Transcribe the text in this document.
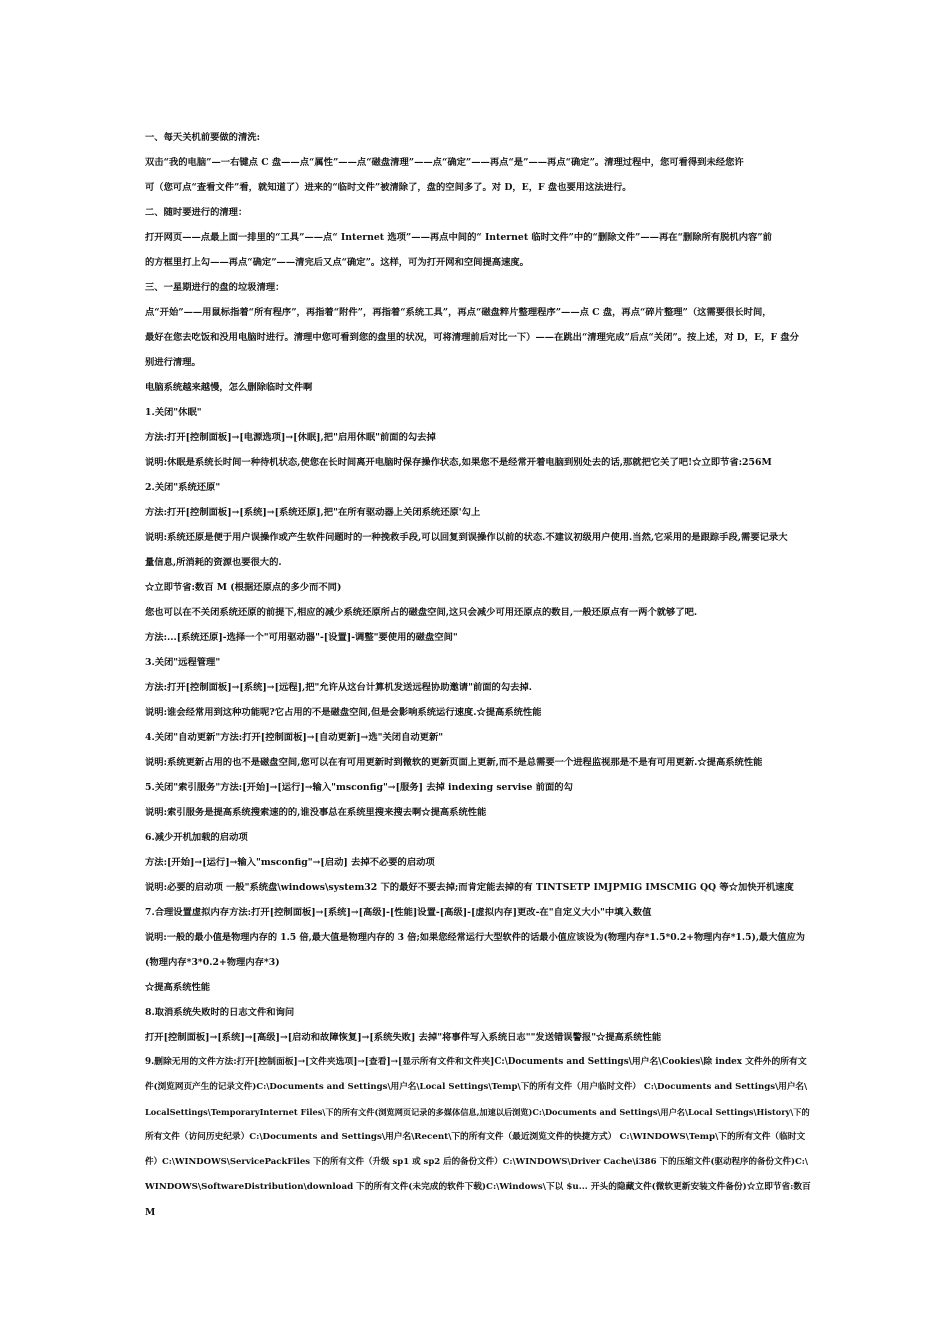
一、每天关机前要做的清洗:
双击“我的电脑”—一右键点 C 盘——点“属性”——点“磁盘清理”——点“确定”——再点“是”——再点“确定”。清理过程中，您可看得到未经您许
可（您可点“查看文件”看，就知道了）进来的“临时文件”被清除了，盘的空间多了。对 D，E，F 盘也要用这法进行。
二、随时要进行的清理：
打开网页——点最上面一排里的“工具”——点“ Internet 选项”——再点中间的“ Internet 临时文件”中的“删除文件”——再在“删除所有脱机内容”前
的方框里打上勾——再点“确定”——清完后又点“确定”。这样，可为打开网和空间提高速度。
三、一星期进行的盘的垃圾清理：
点“开始”——用鼠标指着“所有程序”，再指着“附件”，再指着“系统工具”，再点“磁盘粹片整理程序”——点 C 盘，再点“碎片整理”（这需要很长时间，
最好在您去吃饭和没用电脑时进行。清理中您可看到您的盘里的状况，可将清理前后对比一下）——在跳出“清理完成”后点“关闭”。按上述，对 D，E，F 盘分
别进行清理。
电脑系统越来越慢，怎么删除临时文件啊
1.关闭"休眠"
方法:打开[控制面板]→[电源选项]→[休眠],把"启用休眠"前面的勾去掉
说明:休眠是系统长时间一种待机状态,使您在长时间离开电脑时保存操作状态,如果您不是经常开着电脑到别处去的话,那就把它关了吧!☆立即节省:256M
2.关闭"系统还原"
方法:打开[控制面板]→[系统]→[系统还原],把"在所有驱动器上关闭系统还原'勾上
说明:系统还原是便于用户误操作或产生软件问题时的一种挽救手段,可以回复到误操作以前的状态.不建议初级用户使用.当然,它采用的是跟踪手段,需要记录大
量信息,所消耗的资源也要很大的.
☆立即节省:数百 M (根据还原点的多少而不同)
您也可以在不关闭系统还原的前提下,相应的减少系统还原所占的磁盘空间,这只会减少可用还原点的数目,一般还原点有一两个就够了吧.
方法:...[系统还原]-选择一个"可用驱动器"-[设置]-调整"要使用的磁盘空间"
3.关闭"远程管理"
方法:打开[控制面板]→[系统]→[远程],把"允许从这台计算机发送远程协助邀请"前面的勾去掉.
说明:谁会经常用到这种功能呢?它占用的不是磁盘空间,但是会影响系统运行速度.☆提高系统性能
4.关闭"自动更新"方法:打开[控制面板]→[自动更新]→选"关闭自动更新"
说明:系统更新占用的也不是磁盘空间,您可以在有可用更新时到微软的更新页面上更新,而不是总需要一个进程监视那是不是有可用更新.☆提高系统性能
5.关闭"索引服务"方法:[开始]→[运行]→输入"msconfig"→[服务] 去掉 indexing servise 前面的勾
说明:索引服务是提高系统搜索速的的,谁没事总在系统里搜来搜去啊☆提高系统性能
6.减少开机加载的启动项
方法:[开始]→[运行]→输入"msconfig"→[启动] 去掉不必要的启动项
说明:必要的启动项 一般"系统盘\windows\system32 下的最好不要去掉;而肯定能去掉的有 TINTSETP IMJPMIG IMSCMIG QQ 等☆加快开机速度
7.合理设置虚拟内存方法:打开[控制面板]→[系统]→[高级]-[性能]设置-[高级]-[虚拟内存]更改-在"自定义大小"中填入数值
说明:一般的最小值是物理内存的 1.5 倍,最大值是物理内存的 3 倍;如果您经常运行大型软件的话最小值应该设为(物理内存*1.5*0.2+物理内存*1.5),最大值应为
(物理内存*3*0.2+物理内存*3)
☆提高系统性能
8.取消系统失败时的日志文件和询问
打开[控制面板]→[系统]→[高级]→[启动和故障恢复]→[系统失败] 去掉"将事件写入系统日志""发送错误警报"☆提高系统性能
9.删除无用的文件方法:打开[控制面板]→[文件夹选项]→[查看]→[显示所有文件和文件夹]C:\Documents and Settings\用户名\Cookies\除 index 文件外的所有文
件(浏览网页产生的记录文件)C:\Documents and Settings\用户名\Local Settings\Temp\下的所有文件（用户临时文件） C:\Documents and Settings\用户名\
LocalSettings\TemporaryInternet Files\下的所有文件(浏览网页记录的多媒体信息,加速以后浏览)C:\Documents and Settings\用户名\Local Settings\History\下的
所有文件（访问历史纪录）C:\Documents and Settings\用户名\Recent\下的所有文件（最近浏览文件的快捷方式） C:\WINDOWS\Temp\下的所有文件（临时文
件）C:\WINDOWS\ServicePackFiles 下的所有文件（升级 sp1 或 sp2 后的备份文件）C:\WINDOWS\Driver Cache\i386 下的压缩文件(驱动程序的备份文件)C:\
WINDOWS\SoftwareDistribution\download 下的所有文件(未完成的软件下载)C:\Windows\下以 $u... 开头的隐藏文件(微软更新安装文件备份)☆立即节省:数百
M
